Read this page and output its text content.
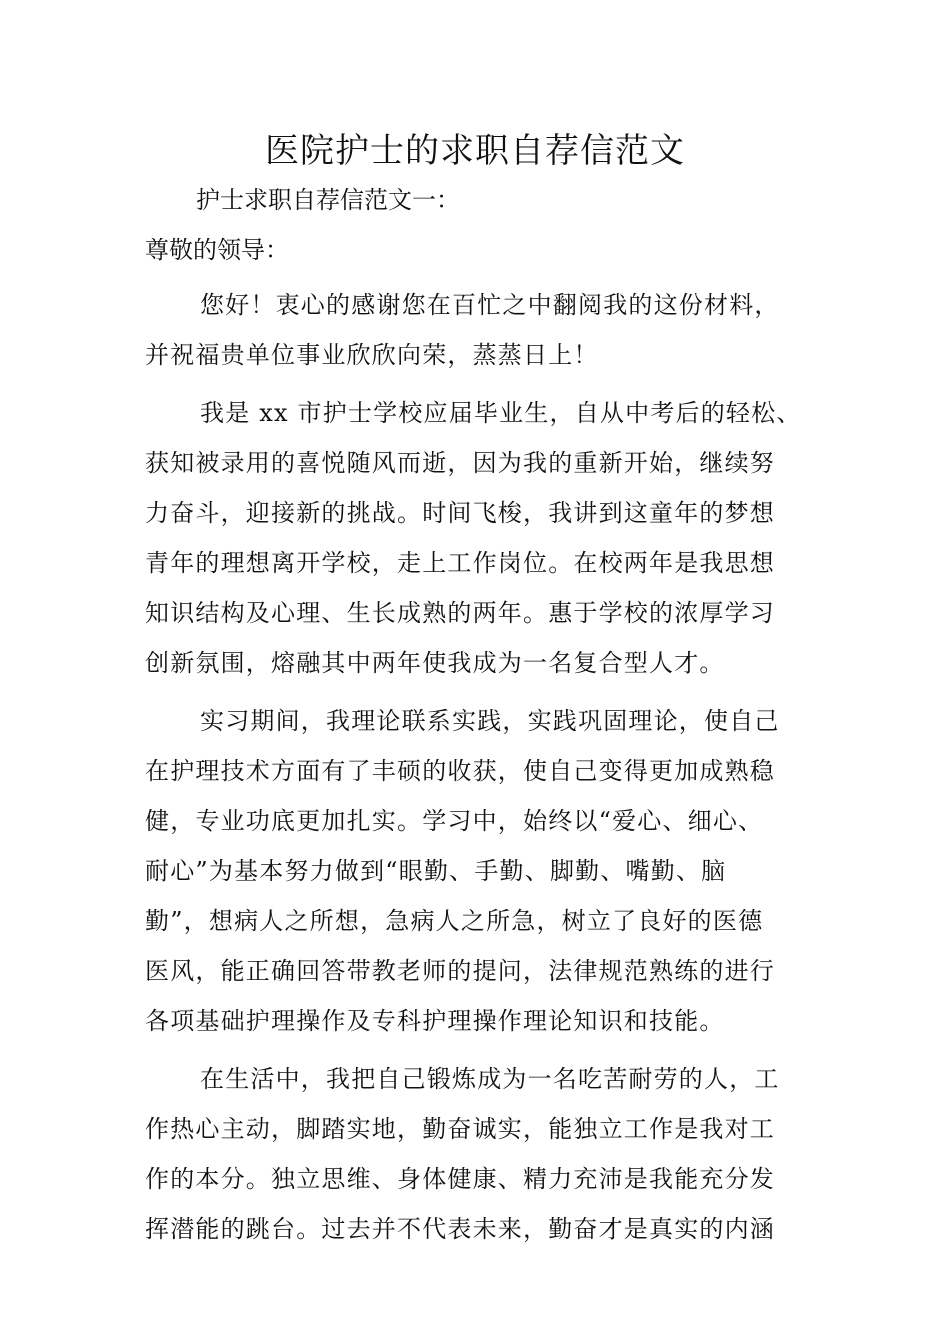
医院护士的求职自荐信范文

护士求职自荐信范文一：

尊敬的领导：

您好！衷心的感谢您在百忙之中翻阅我的这份材料，
并祝福贵单位事业欣欣向荣，蒸蒸日上！

我是 xx 市护士学校应届毕业生，自从中考后的轻松、
获知被录用的喜悦随风而逝，因为我的重新开始，继续努
力奋斗，迎接新的挑战。时间飞梭，我讲到这童年的梦想
青年的理想离开学校，走上工作岗位。在校两年是我思想
知识结构及心理、生长成熟的两年。惠于学校的浓厚学习
创新氛围，熔融其中两年使我成为一名复合型人才。

实习期间，我理论联系实践，实践巩固理论，使自己
在护理技术方面有了丰硕的收获，使自己变得更加成熟稳
健，专业功底更加扎实。学习中，始终以“爱心、细心、
耐心”为基本努力做到“眼勤、手勤、脚勤、嘴勤、脑
勤”，想病人之所想，急病人之所急，树立了良好的医德
医风，能正确回答带教老师的提问，法律规范熟练的进行
各项基础护理操作及专科护理操作理论知识和技能。

在生活中，我把自己锻炼成为一名吃苦耐劳的人，工
作热心主动，脚踏实地，勤奋诚实，能独立工作是我对工
作的本分。独立思维、身体健康、精力充沛是我能充分发
挥潜能的跳台。过去并不代表未来，勤奋才是真实的内涵
